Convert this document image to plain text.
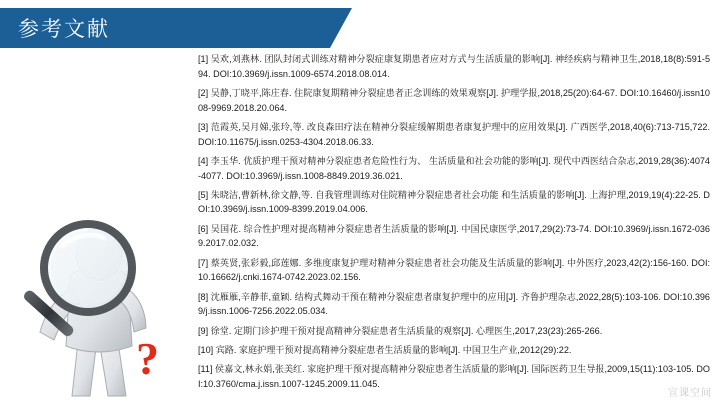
参考文献
?

[1] 吴欢,刘燕林. 团队封闭式训练对精神分裂症康复期患者应对方式与生活质量的影响[J]. 神经疾病与精神卫生,2018,18(8):591-594. DOI:10.3969/j.issn.1009-6574.2018.08.014.

[2] 吴静,丁晓平,陈庄春. 住院康复期精神分裂症患者正念训练的效果观察[J]. 护理学报,2018,25(20):64-67. DOI:10.16460/j.issn1008-9969.2018.20.064.

[3] 范霞英,吴月娣,张玲,等. 改良森田疗法在精神分裂症缓解期患者康复护理中的应用效果[J]. 广西医学,2018,40(6):713-715,722. DOI:10.11675/j.issn.0253-4304.2018.06.33.

[4] 李玉华. 优质护理干预对精神分裂症患者危险性行为、 生活质量和社会功能的影响[J]. 现代中西医结合杂志,2019,28(36):4074-4077. DOI:10.3969/j.issn.1008-8849.2019.36.021.

[5] 朱晓洁,曹新林,徐文静,等. 自我管理训练对住院精神分裂症患者社会功能 和生活质量的影响[J]. 上海护理,2019,19(4):22-25. DOI:10.3969/j.issn.1009-8399.2019.04.006.

[6] 吴国花. 综合性护理对提高精神分裂症患者生活质量的影响[J]. 中国民康医学,2017,29(2):73-74. DOI:10.3969/j.issn.1672-0369.2017.02.032.

[7] 蔡英贤,张彩毅,邱莲娜. 多维度康复护理对精神分裂症患者社会功能及生活质量的影响[J]. 中外医疗,2023,42(2):156-160. DOI:10.16662/j.cnki.1674-0742.2023.02.156.

[8] 沈雁雁,辛静菲,童颖. 结构式舞动干预在精神分裂症患者康复护理中的应用[J]. 齐鲁护理杂志,2022,28(5):103-106. DOI:10.3969/j.issn.1006-7256.2022.05.034.

[9] 徐堂. 定期门诊护理干预对提高精神分裂症患者生活质量的观察[J]. 心理医生,2017,23(23):265-266.

[10] 宾路. 家庭护理干预对提高精神分裂症患者生活质量的影响[J]. 中国卫生产业,2012(29):22.

[11] 侯嘉文,林永娟,张美红. 家庭护理干预对提高精神分裂症患者生活质量的影响[J]. 国际医药卫生导报,2009,15(11):103-105. DOI:10.3760/cma.j.issn.1007-1245.2009.11.045.

宣课空间
